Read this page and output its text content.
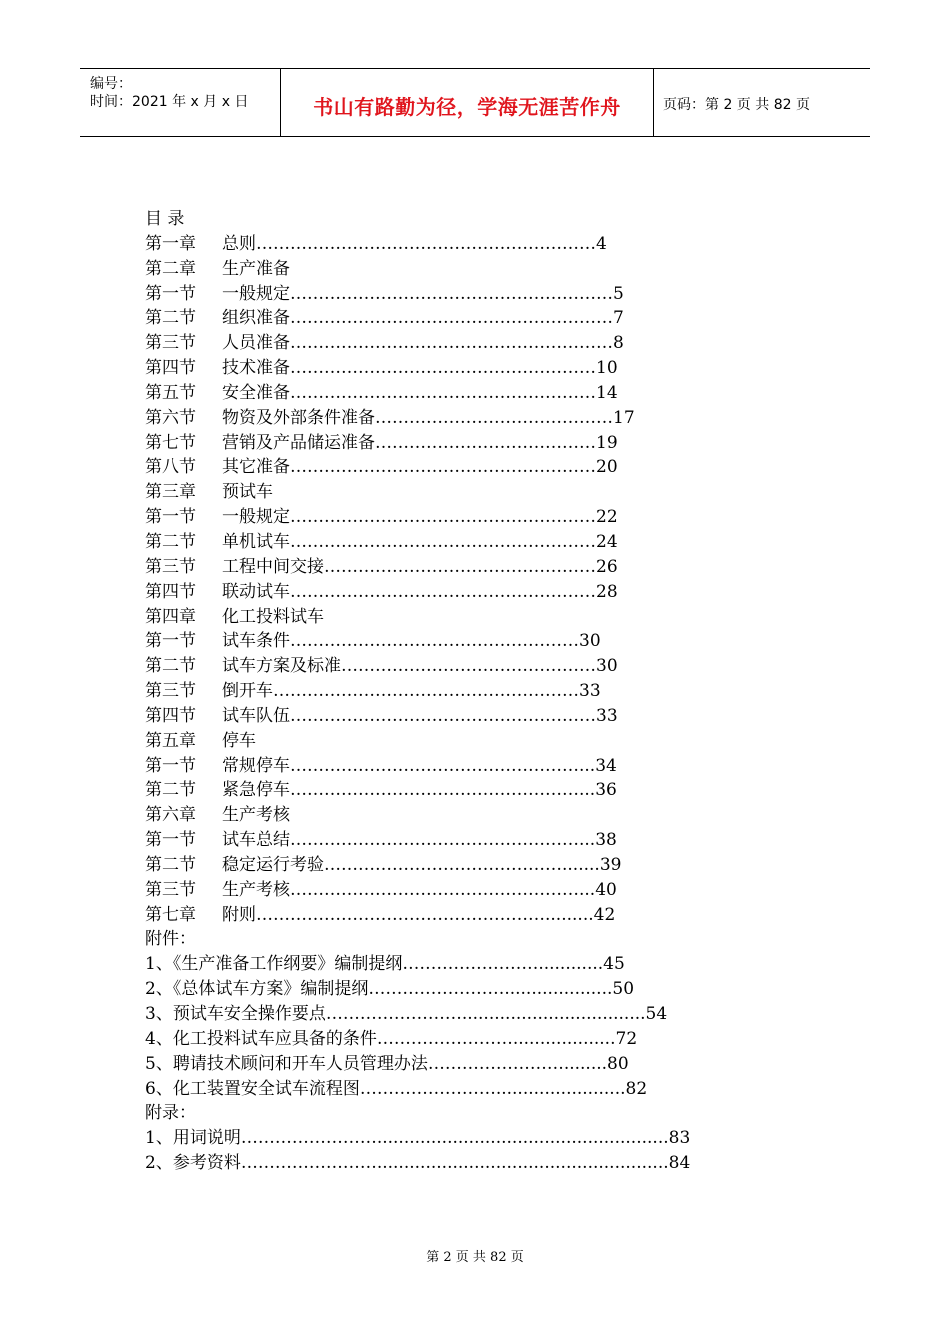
编号：
时间：2021 年 x 月 x 日	书山有路勤为径，学海无涯苦作舟	页码：第 2 页 共 82 页
目 录
第一章 总则……………………………………………………4
第二章 生产准备
第一节 一般规定…………………………………………………5
第二节 组织准备…………………………………………………7
第三节 人员准备…………………………………………………8
第四节 技术准备………………………………………………10
第五节 安全准备………………………………………………14
第六节 物资及外部条件准备……………………………………17
第七节 营销及产品储运准备…………………………………19
第八节 其它准备………………………………………………20
第三章 预试车
第一节 一般规定………………………………………………22
第二节 单机试车………………………………………………24
第三节 工程中间交接…………………………………………26
第四节 联动试车………………………………………………28
第四章 化工投料试车
第一节 试车条件……………………………………………30
第二节 试车方案及标准………………………………………30
第三节 倒开车………………………………………………33
第四节 试车队伍………………………………………………33
第五章 停车
第一节 常规停车……………………………………………...34
第二节 紧急停车……………………………………………...36
第六章 生产考核
第一节 试车总结……………………………………………...38
第二节 稳定运行考验…………………………………….......39
第三节 生产考核……………………………………………...40
第七章 附则…………………………………………….........42
附件：
1、《生产准备工作纲要》编制提纲……………………............45
2、《总体试车方案》编制提纲……………………....................50
3、预试车安全操作要点……………………..................................54
4、化工投料试车应具备的条件……………………...................72
5、聘请技术顾问和开车人员管理办法……………………........80
6、化工装置安全试车流程图……………………........................82
附录：
1、用词说明……………………......................................................83
2、参考资料……………………......................................................84
第 2 页 共 82 页
